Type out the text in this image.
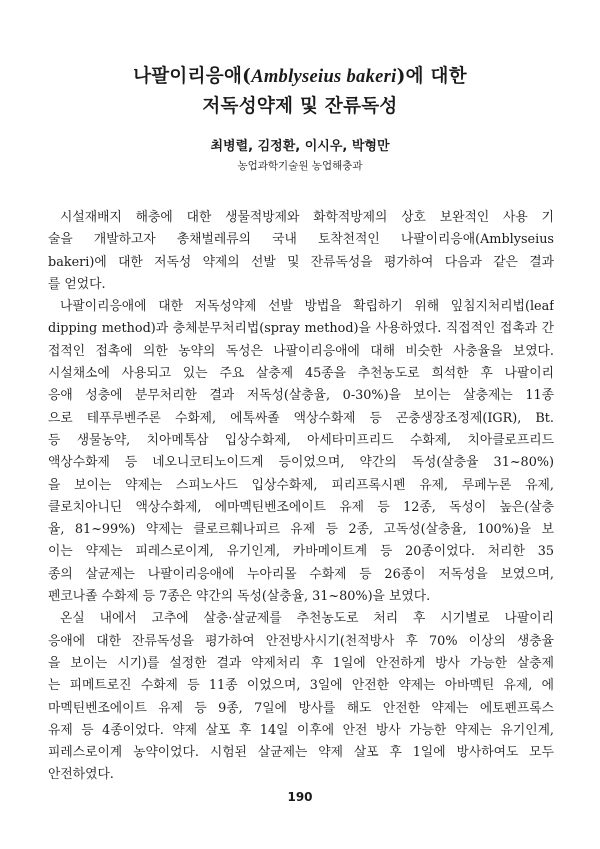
나팔이리응애(Amblyseius bakeri)에 대한
저독성약제 및 잔류독성
최병렬, 김정환, 이시우, 박형만
농업과학기술원 농업해충과
시설재배지 해충에 대한 생물적방제와 화학적방제의 상호 보완적인 사용 기
술을 개발하고자 총채벌레류의 국내 토착천적인 나팔이리응애(Amblyseius
bakeri)에 대한 저독성 약제의 선발 및 잔류독성을 평가하여 다음과 같은 결과
를 얻었다.
나팔이리응애에 대한 저독성약제 선발 방법을 확립하기 위해 잎침지처리법(leaf
dipping method)과 충체분무처리법(spray method)을 사용하였다. 직접적인 접촉과 간
접적인 접촉에 의한 농약의 독성은 나팔이리응애에 대해 비슷한 사충율을 보였다.
시설채소에 사용되고 있는 주요 살충제 45종을 추천농도로 희석한 후 나팔이리
응애 성충에 분무처리한 결과 저독성(살충율, 0-30%)을 보이는 살충제는 11종
으로 테푸루벤주론 수화제, 에톡싸졸 액상수화제 등 곤충생장조정제(IGR), Bt.
등 생물농약, 치아메톡삼 입상수화제, 아세타미프리드 수화제, 치아클로프리드
액상수화제 등 네오니코티노이드계 등이었으며, 약간의 독성(살충율 31~80%)
을 보이는 약제는 스피노사드 입상수화제, 피리프록시펜 유제, 루페누론 유제,
클로치아니딘 액상수화제, 에마멕틴벤조에이트 유제 등 12종, 독성이 높은(살충
율, 81~99%) 약제는 클로르훼나피르 유제 등 2종, 고독성(살충율, 100%)을 보
이는 약제는 피레스로이계, 유기인계, 카바메이트계 등 20종이었다. 처리한 35
종의 살균제는 나팔이리응애에 누아리몰 수화제 등 26종이 저독성을 보였으며,
펜코나졸 수화제 등 7종은 약간의 독성(살충율, 31~80%)을 보였다.
온실 내에서 고추에 살충·살균제를 추천농도로 처리 후 시기별로 나팔이리
응애에 대한 잔류독성을 평가하여 안전방사시기(천적방사 후 70% 이상의 생충율
을 보이는 시기)를 설정한 결과 약제처리 후 1일에 안전하게 방사 가능한 살충제
는 피메트로진 수화제 등 11종 이었으며, 3일에 안전한 약제는 아바멕틴 유제, 에
마멕틴벤조에이트 유제 등 9종, 7일에 방사를 해도 안전한 약제는 에토펜프록스
유제 등 4종이었다. 약제 살포 후 14일 이후에 안전 방사 가능한 약제는 유기인계,
피레스로이계 농약이었다. 시험된 살균제는 약제 살포 후 1일에 방사하여도 모두
안전하였다.
190
